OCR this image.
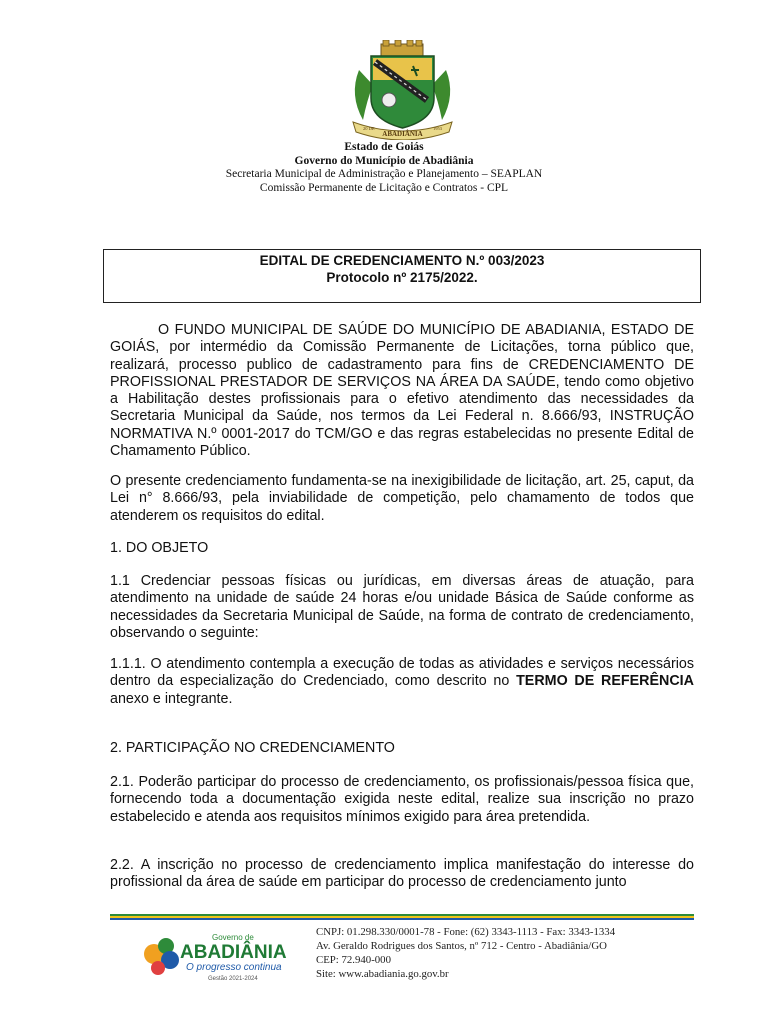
20 DE
ABADIÂNIA
1953
Estado de Goiás
Governo do Município de Abadiânia
Secretaria Municipal de Administração e Planejamento – SEAPLAN
Comissão Permanente de Licitação e Contratos - CPL
EDITAL DE CREDENCIAMENTO N.º 003/2023
Protocolo nº 2175/2022.

O FUNDO MUNICIPAL DE SAÚDE DO MUNICÍPIO DE ABADIANIA, ESTADO DE GOIÁS, por intermédio da Comissão Permanente de Licitações, torna público que, realizará, processo publico de cadastramento para fins de CREDENCIAMENTO DE PROFISSIONAL PRESTADOR DE SERVIÇOS NA ÁREA DA SAÚDE, tendo como objetivo a Habilitação destes profissionais para o efetivo atendimento das necessidades da Secretaria Municipal da Saúde, nos termos da Lei Federal n. 8.666/93, INSTRUÇÃO NORMATIVA N.º 0001-2017 do TCM/GO e das regras estabelecidas no presente Edital de Chamamento Público.

O presente credenciamento fundamenta-se na inexigibilidade de licitação, art. 25, caput, da Lei n° 8.666/93, pela inviabilidade de competição, pelo chamamento de todos que atenderem os requisitos do edital.

1. DO OBJETO

1.1 Credenciar pessoas físicas ou jurídicas, em diversas áreas de atuação, para atendimento na unidade de saúde 24 horas e/ou unidade Básica de Saúde conforme as necessidades da Secretaria Municipal de Saúde, na forma de contrato de credenciamento, observando o seguinte:

1.1.1. O atendimento contempla a execução de todas as atividades e serviços necessários dentro da especialização do Credenciado, como descrito no TERMO DE REFERÊNCIA anexo e integrante.

2. PARTICIPAÇÃO NO CREDENCIAMENTO

2.1. Poderão participar do processo de credenciamento, os profissionais/pessoa física que, fornecendo toda a documentação exigida neste edital, realize sua inscrição no prazo estabelecido e atenda aos requisitos mínimos exigido para área pretendida.

2.2. A inscrição no processo de credenciamento implica manifestação do interesse do profissional da área de saúde em participar do processo de credenciamento junto

Governo de
ABADIÂNIA
O progresso continua
Gestão 2021-2024
CNPJ: 01.298.330/0001-78 - Fone: (62) 3343-1113 - Fax: 3343-1334
Av. Geraldo Rodrigues dos Santos, nº 712 - Centro - Abadiânia/GO
CEP: 72.940-000
Site: www.abadiania.go.gov.br
